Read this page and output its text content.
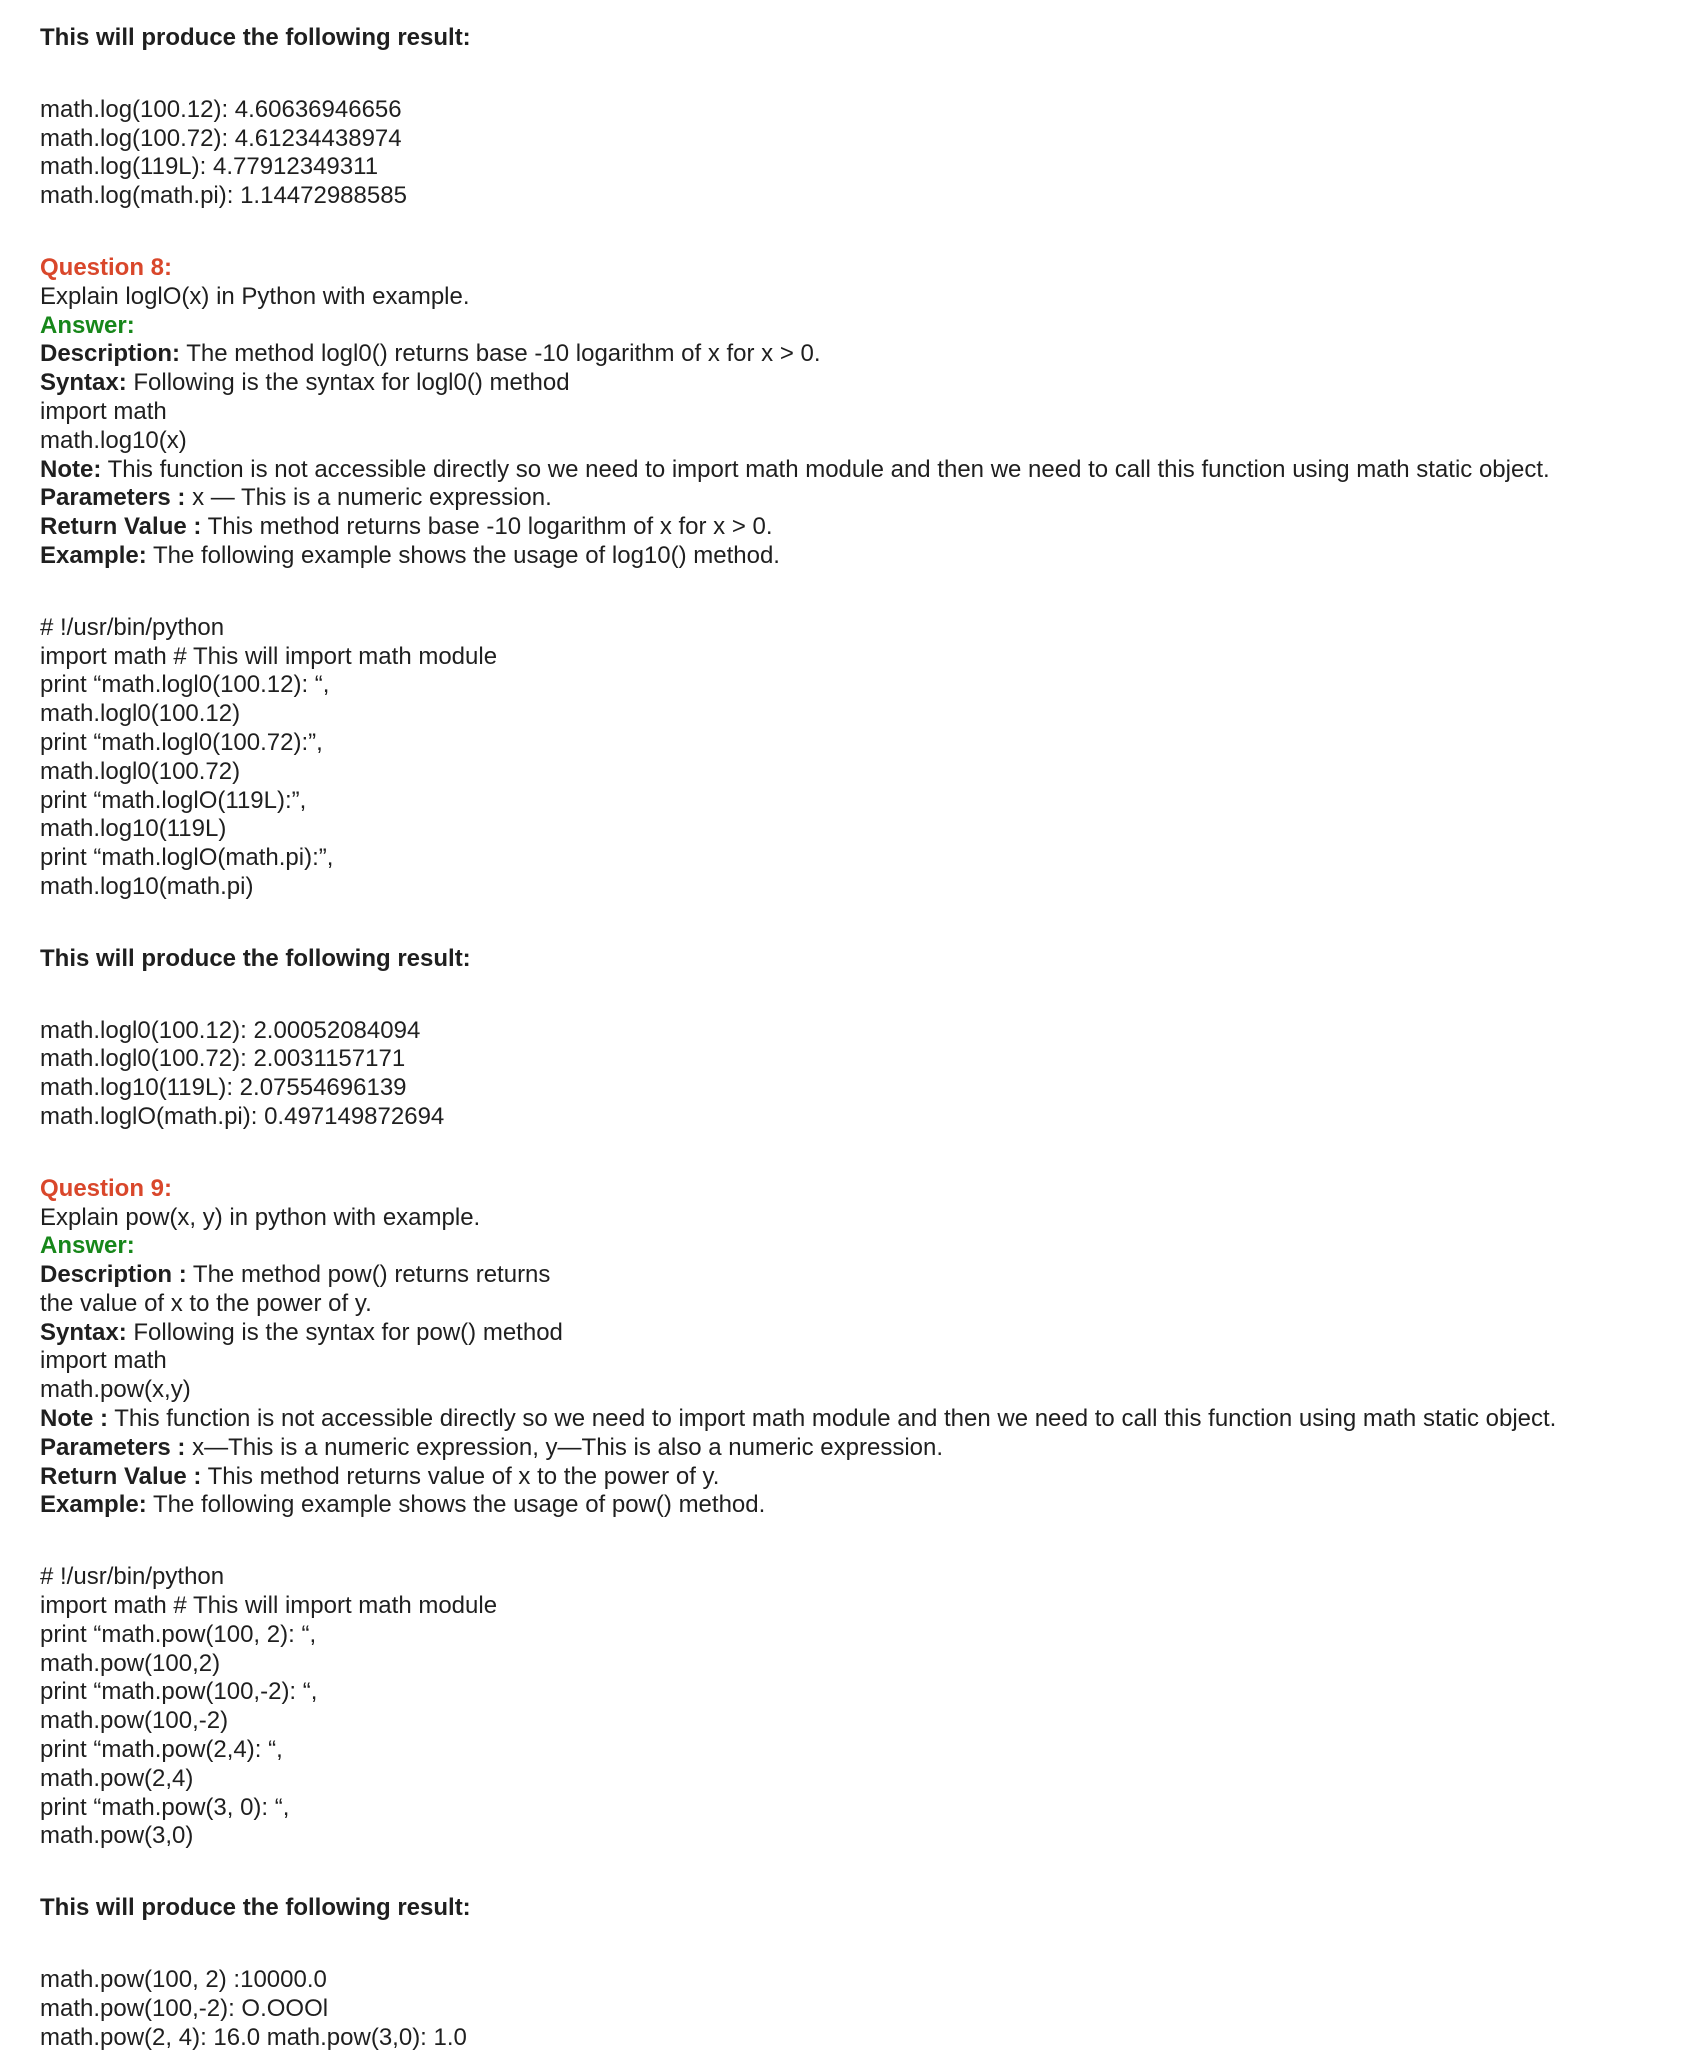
This will produce the following result:
math.log(100.12): 4.60636946656
math.log(100.72): 4.61234438974
math.log(119L): 4.77912349311
math.log(math.pi): 1.14472988585
Question 8:
Explain loglO(x) in Python with example.
Answer:
Description: The method logl0() returns base -10 logarithm of x for x > 0.
Syntax: Following is the syntax for logl0() method
import math
math.log10(x)
Note: This function is not accessible directly so we need to import math module and then we need to call this function using math static object.
Parameters : x — This is a numeric expression.
Return Value : This method returns base -10 logarithm of x for x > 0.
Example: The following example shows the usage of log10() method.
# !/usr/bin/python
import math # This will import math module
print “math.logl0(100.12): “,
math.logl0(100.12)
print “math.logl0(100.72):”,
math.logl0(100.72)
print “math.loglO(119L):”,
math.log10(119L)
print “math.loglO(math.pi):”,
math.log10(math.pi)
This will produce the following result:
math.logl0(100.12): 2.00052084094
math.logl0(100.72): 2.0031157171
math.log10(119L): 2.07554696139
math.loglO(math.pi): 0.497149872694
Question 9:
Explain pow(x, y) in python with example.
Answer:
Description : The method pow() returns returns
the value of x to the power of y.
Syntax: Following is the syntax for pow() method
import math
math.pow(x,y)
Note : This function is not accessible directly so we need to import math module and then we need to call this function using math static object.
Parameters : x—This is a numeric expression, y—This is also a numeric expression.
Return Value : This method returns value of x to the power of y.
Example: The following example shows the usage of pow() method.
# !/usr/bin/python
import math # This will import math module
print “math.pow(100, 2): “,
math.pow(100,2)
print “math.pow(100,-2): “,
math.pow(100,-2)
print “math.pow(2,4): “,
math.pow(2,4)
print “math.pow(3, 0): “,
math.pow(3,0)
This will produce the following result:
math.pow(100, 2) :10000.0
math.pow(100,-2): O.OOOl
math.pow(2, 4): 16.0 math.pow(3,0): 1.0
